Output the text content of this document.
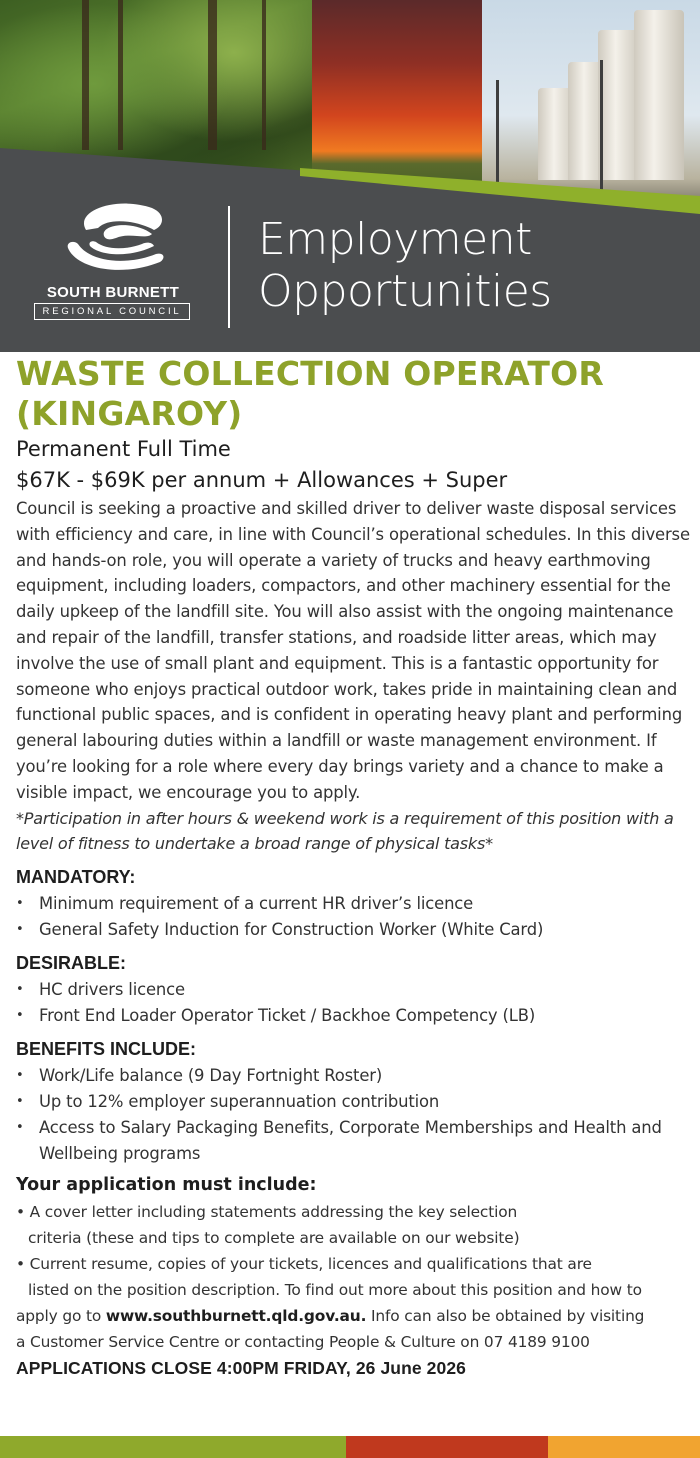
SOUTH BURNETT
REGIONAL COUNCIL
Employment
Opportunities
WASTE COLLECTION OPERATOR
(KINGAROY)

Permanent Full Time

$67K - $69K per annum + Allowances + Super

Council is seeking a proactive and skilled driver to deliver waste disposal services with efficiency and care, in line with Council’s operational schedules. In this diverse and hands-on role, you will operate a variety of trucks and heavy earthmoving equipment, including loaders, compactors, and other machinery essential for the daily upkeep of the landfill site. You will also assist with the ongoing maintenance and repair of the landfill, transfer stations, and roadside litter areas, which may involve the use of small plant and equipment. This is a fantastic opportunity for someone who enjoys practical outdoor work, takes pride in maintaining clean and functional public spaces, and is confident in operating heavy plant and performing general labouring duties within a landfill or waste management environment. If you’re looking for a role where every day brings variety and a chance to make a visible impact, we encourage you to apply.

*Participation in after hours & weekend work is a requirement of this position with a level of fitness to undertake a broad range of physical tasks*

MANDATORY:
• Minimum requirement of a current HR driver’s licence
• General Safety Induction for Construction Worker (White Card)
DESIRABLE:
• HC drivers licence
• Front End Loader Operator Ticket / Backhoe Competency (LB)
BENEFITS INCLUDE:
• Work/Life balance (9 Day Fortnight Roster)
• Up to 12% employer superannuation contribution
• Access to Salary Packaging Benefits, Corporate Memberships and Health and Wellbeing programs
Your application must include:

• A cover letter including statements addressing the key selection
criteria (these and tips to complete are available on our website)

• Current resume, copies of your tickets, licences and qualifications that are
listed on the position description. To find out more about this position and how to

apply go to www.southburnett.qld.gov.au. Info can also be obtained by visiting

a Customer Service Centre or contacting People & Culture on 07 4189 9100

APPLICATIONS CLOSE 4:00PM FRIDAY, 26 June 2026
